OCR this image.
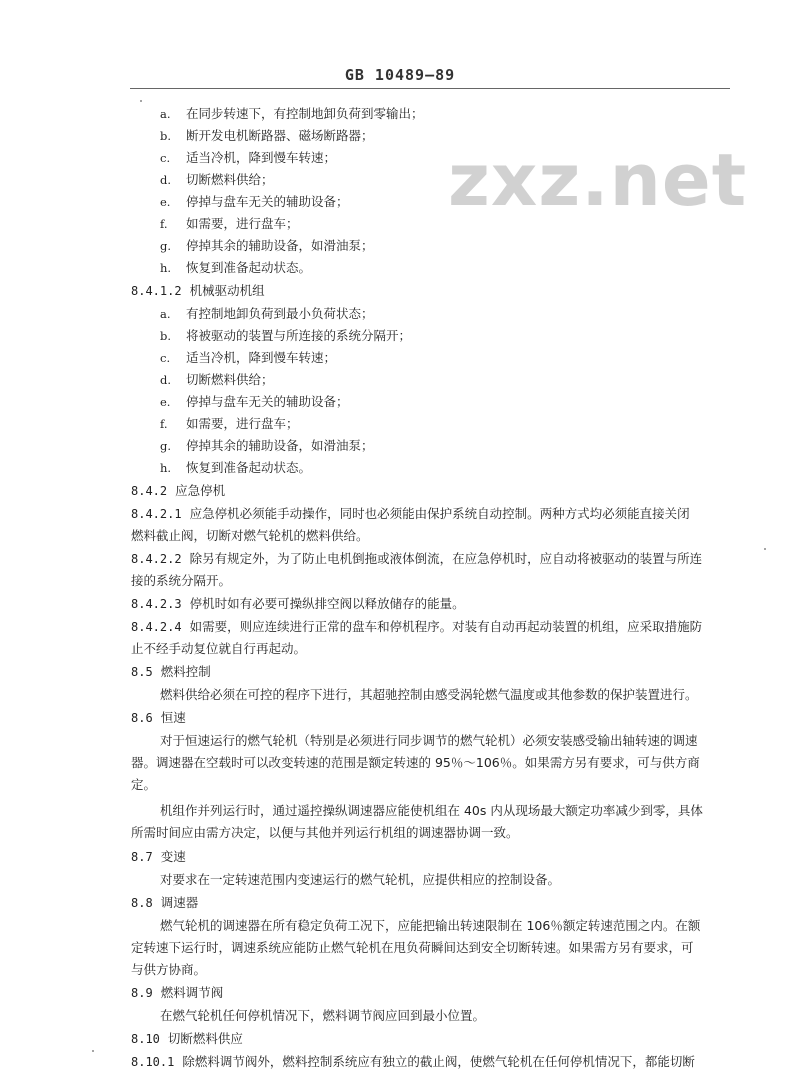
GB 10489—89
zxz.net
a. 在同步转速下，有控制地卸负荷到零输出；
b. 断开发电机断路器、磁场断路器；
c. 适当冷机，降到慢车转速；
d. 切断燃料供给；
e. 停掉与盘车无关的辅助设备；
f. 如需要，进行盘车；
g. 停掉其余的辅助设备，如滑油泵；
h. 恢复到准备起动状态。
8.4.1.2 机械驱动机组
a. 有控制地卸负荷到最小负荷状态；
b. 将被驱动的装置与所连接的系统分隔开；
c. 适当冷机，降到慢车转速；
d. 切断燃料供给；
e. 停掉与盘车无关的辅助设备；
f. 如需要，进行盘车；
g. 停掉其余的辅助设备，如滑油泵；
h. 恢复到准备起动状态。
8.4.2 应急停机
8.4.2.1 应急停机必须能手动操作，同时也必须能由保护系统自动控制。两种方式均必须能直接关闭
燃料截止阀，切断对燃气轮机的燃料供给。
8.4.2.2 除另有规定外，为了防止电机倒拖或液体倒流，在应急停机时，应自动将被驱动的装置与所连
接的系统分隔开。
8.4.2.3 停机时如有必要可操纵排空阀以释放储存的能量。
8.4.2.4 如需要，则应连续进行正常的盘车和停机程序。对装有自动再起动装置的机组，应采取措施防
止不经手动复位就自行再起动。
8.5 燃料控制
燃料供给必须在可控的程序下进行，其超驰控制由感受涡轮燃气温度或其他参数的保护装置进行。
8.6 恒速
对于恒速运行的燃气轮机（特别是必须进行同步调节的燃气轮机）必须安装感受输出轴转速的调速
器。调速器在空载时可以改变转速的范围是额定转速的 95％～106％。如果需方另有要求，可与供方商
定。
机组作并列运行时，通过遥控操纵调速器应能使机组在 40s 内从现场最大额定功率减少到零，具体
所需时间应由需方决定，以便与其他并列运行机组的调速器协调一致。
8.7 变速
对要求在一定转速范围内变速运行的燃气轮机，应提供相应的控制设备。
8.8 调速器
燃气轮机的调速器在所有稳定负荷工况下，应能把输出转速限制在 106％额定转速范围之内。在额
定转速下运行时，调速系统应能防止燃气轮机在甩负荷瞬间达到安全切断转速。如果需方另有要求，可
与供方协商。
8.9 燃料调节阀
在燃气轮机任何停机情况下，燃料调节阀应回到最小位置。
8.10 切断燃料供应
8.10.1 除燃料调节阀外，燃料控制系统应有独立的截止阀，使燃气轮机在任何停机情况下，都能切断
